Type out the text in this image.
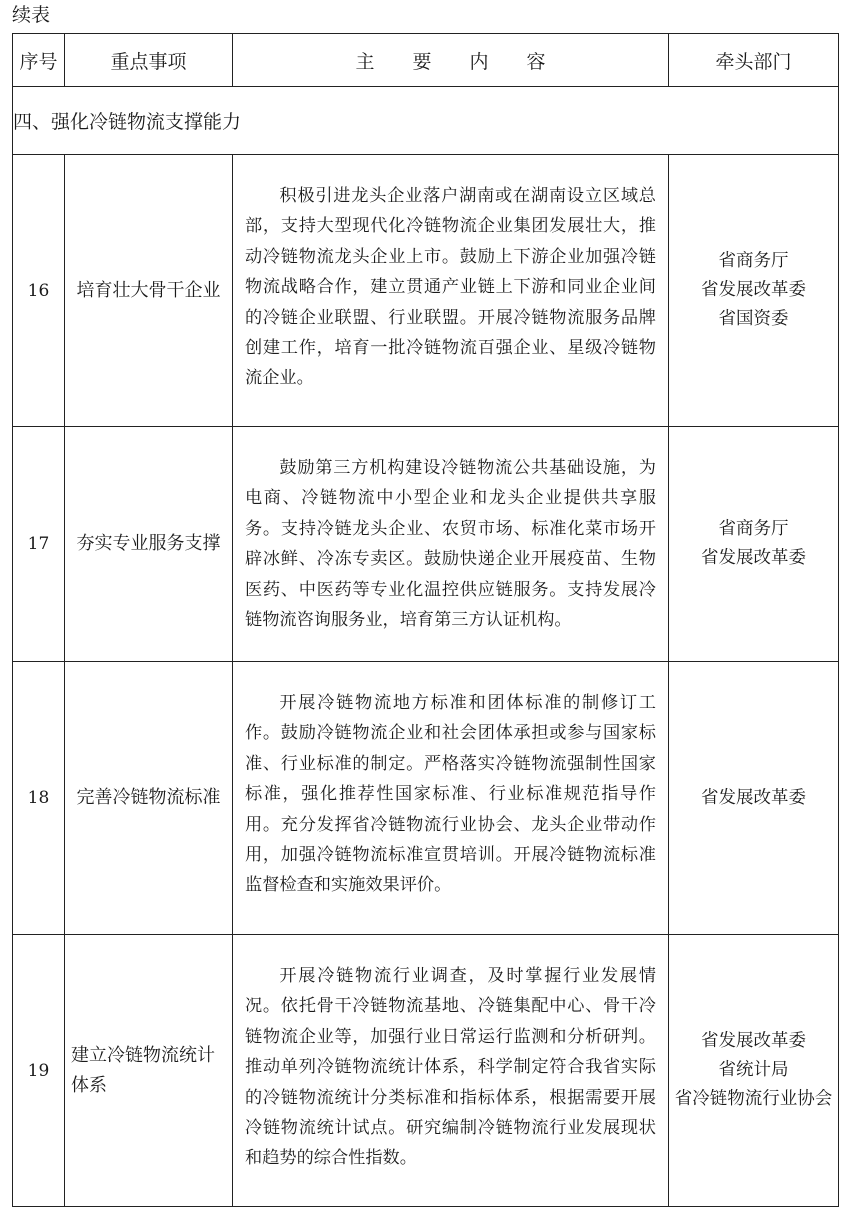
续表
序号	重点事项	主要内容	牵头部门
四、强化冷链物流支撑能力			
16	培育壮大骨干企业	积极引进龙头企业落户湖南或在湖南设立区域总部，支持大型现代化冷链物流企业集团发展壮大，推动冷链物流龙头企业上市。鼓励上下游企业加强冷链物流战略合作，建立贯通产业链上下游和同业企业间的冷链企业联盟、行业联盟。开展冷链物流服务品牌创建工作，培育一批冷链物流百强企业、星级冷链物流企业。	省商务厅
省发展改革委
省国资委

17	夯实专业服务支撑	鼓励第三方机构建设冷链物流公共基础设施，为电商、冷链物流中小型企业和龙头企业提供共享服务。支持冷链龙头企业、农贸市场、标准化菜市场开辟冰鲜、冷冻专卖区。鼓励快递企业开展疫苗、生物医药、中医药等专业化温控供应链服务。支持发展冷链物流咨询服务业，培育第三方认证机构。	省商务厅
省发展改革委

18	完善冷链物流标准	开展冷链物流地方标准和团体标准的制修订工作。鼓励冷链物流企业和社会团体承担或参与国家标准、行业标准的制定。严格落实冷链物流强制性国家标准，强化推荐性国家标准、行业标准规范指导作用。充分发挥省冷链物流行业协会、龙头企业带动作用，加强冷链物流标准宣贯培训。开展冷链物流标准监督检查和实施效果评价。	省发展改革委

19	建立冷链物流统计体系	开展冷链物流行业调查，及时掌握行业发展情况。依托骨干冷链物流基地、冷链集配中心、骨干冷链物流企业等，加强行业日常运行监测和分析研判。推动单列冷链物流统计体系，科学制定符合我省实际的冷链物流统计分类标准和指标体系，根据需要开展冷链物流统计试点。研究编制冷链物流行业发展现状和趋势的综合性指数。	省发展改革委
省统计局
省冷链物流行业协会
